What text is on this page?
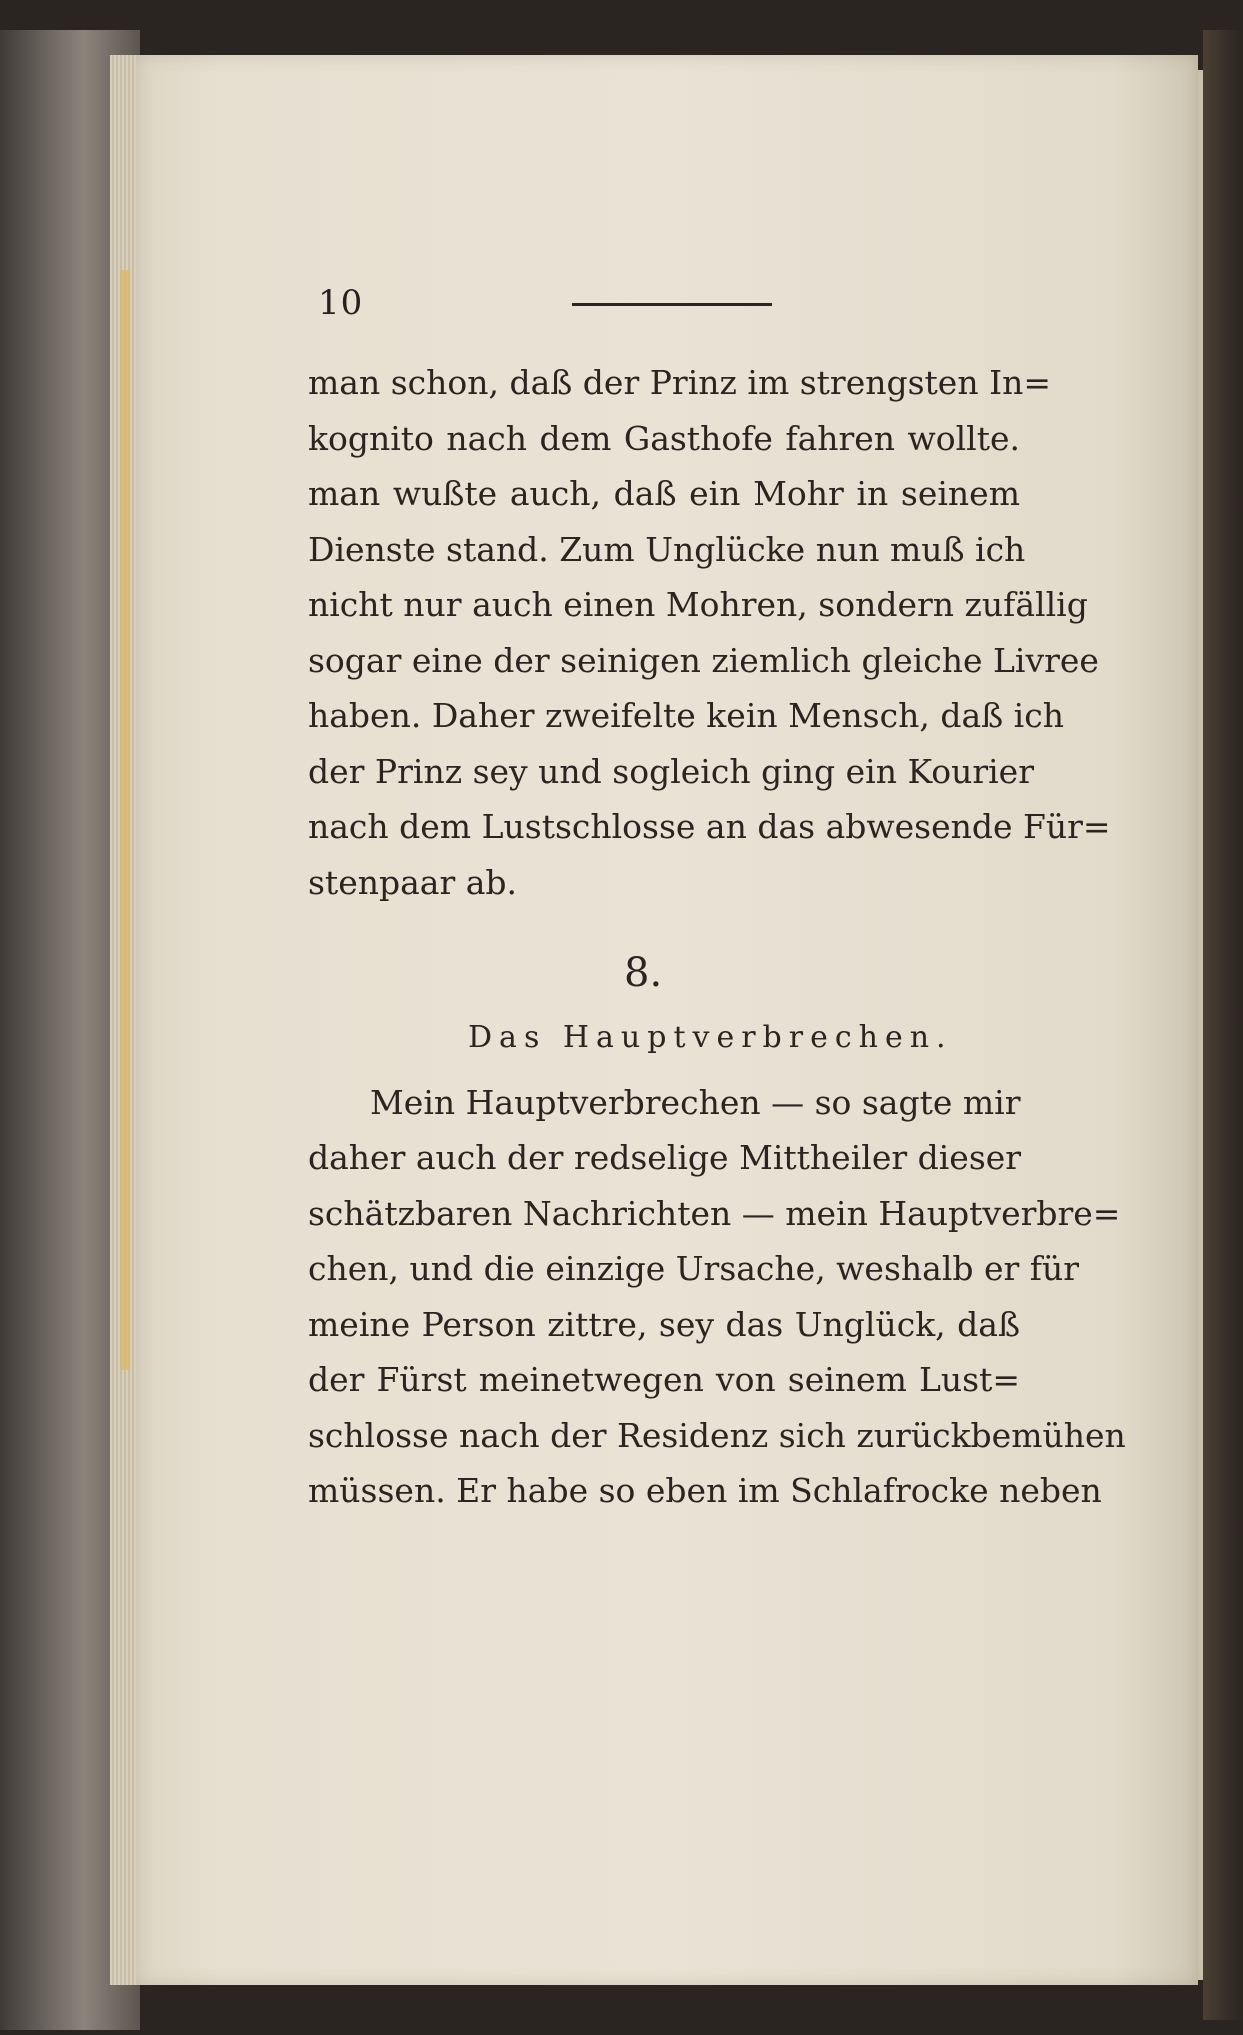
10
man schon, daß der Prinz im strengsten In=
kognito nach dem Gasthofe fahren wollte.
man wußte auch, daß ein Mohr in seinem
Dienste stand. Zum Unglücke nun muß ich
nicht nur auch einen Mohren, sondern zufällig
sogar eine der seinigen ziemlich gleiche Livree
haben. Daher zweifelte kein Mensch, daß ich
der Prinz sey und sogleich ging ein Kourier
nach dem Lustschlosse an das abwesende Für=
stenpaar ab.
8.
Das Hauptverbrechen.
Mein Hauptverbrechen — so sagte mir
daher auch der redselige Mittheiler dieser
schätzbaren Nachrichten — mein Hauptverbre=
chen, und die einzige Ursache, weshalb er für
meine Person zittre, sey das Unglück, daß
der Fürst meinetwegen von seinem Lust=
schlosse nach der Residenz sich zurückbemühen
müssen. Er habe so eben im Schlafrocke neben
